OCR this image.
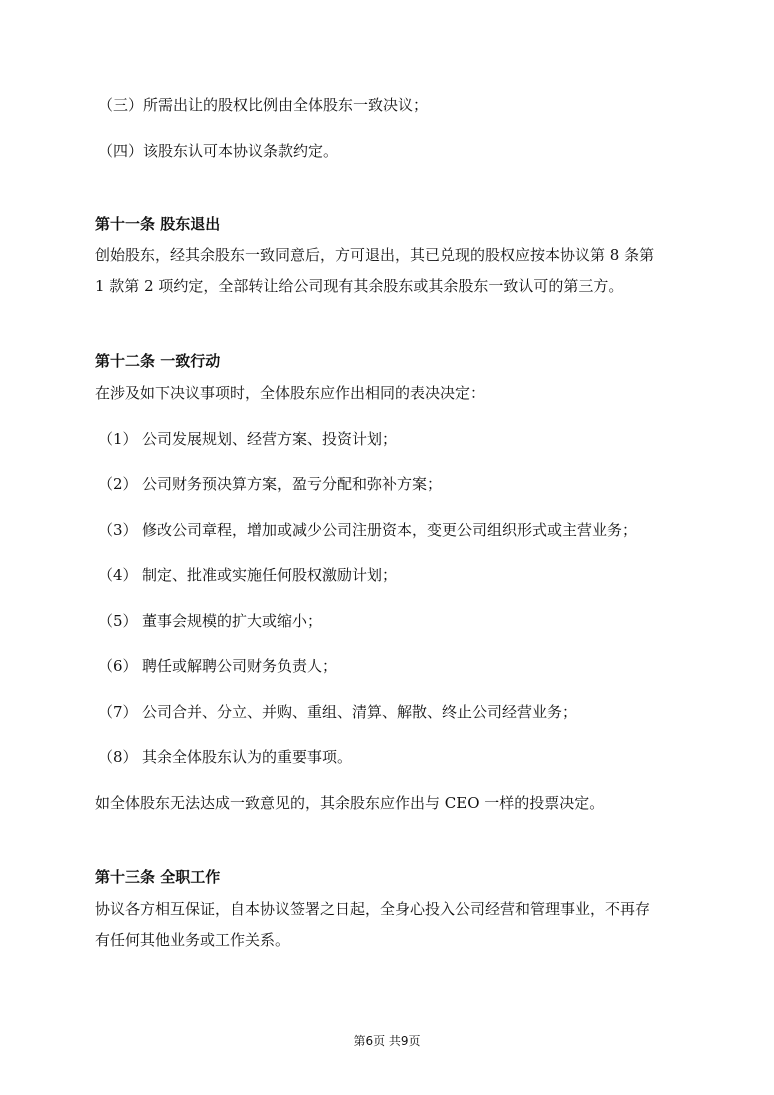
（三）所需出让的股权比例由全体股东一致决议；
（四）该股东认可本协议条款约定。
第十一条 股东退出
创始股东，经其余股东一致同意后，方可退出，其已兑现的股权应按本协议第 8 条第
1 款第 2 项约定，全部转让给公司现有其余股东或其余股东一致认可的第三方。
第十二条 一致行动
在涉及如下决议事项时，全体股东应作出相同的表决决定：
（1） 公司发展规划、经营方案、投资计划；
（2） 公司财务预决算方案，盈亏分配和弥补方案；
（3） 修改公司章程，增加或减少公司注册资本，变更公司组织形式或主营业务；
（4） 制定、批准或实施任何股权激励计划；
（5） 董事会规模的扩大或缩小；
（6） 聘任或解聘公司财务负责人；
（7） 公司合并、分立、并购、重组、清算、解散、终止公司经营业务；
（8） 其余全体股东认为的重要事项。
如全体股东无法达成一致意见的，其余股东应作出与 CEO 一样的投票决定。
第十三条 全职工作
协议各方相互保证，自本协议签署之日起，全身心投入公司经营和管理事业，不再存
有任何其他业务或工作关系。
第6页 共9页
